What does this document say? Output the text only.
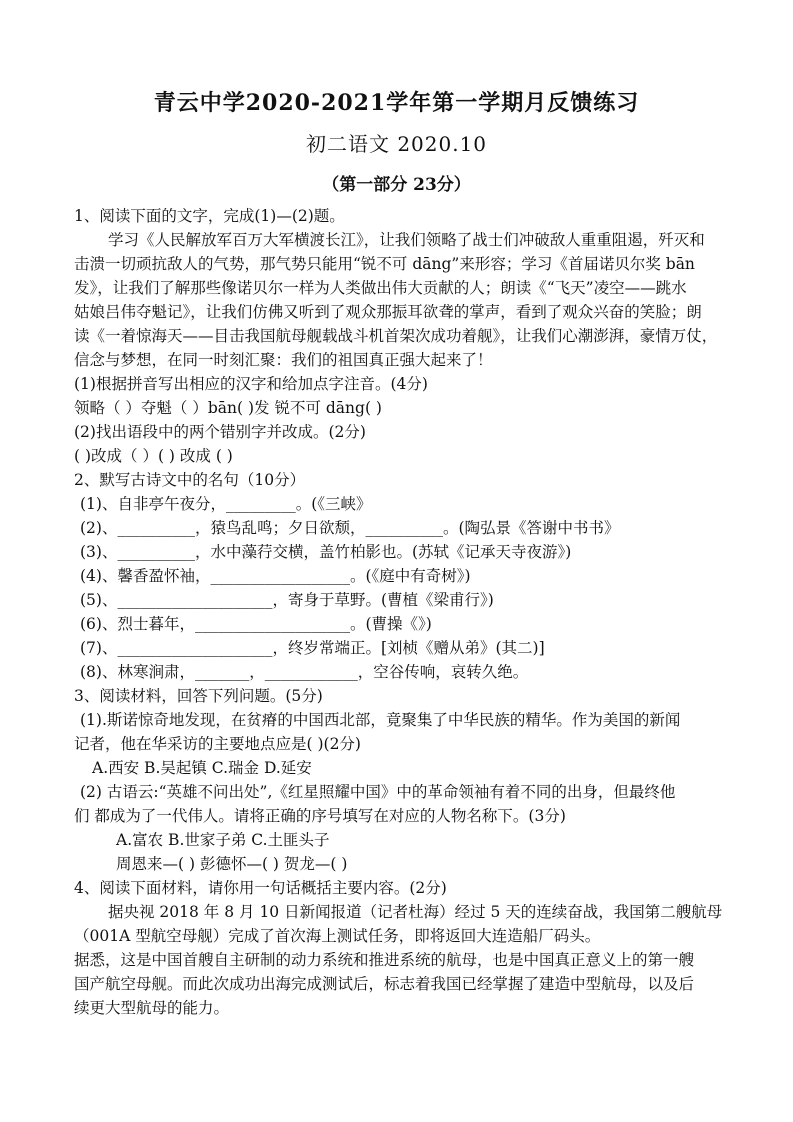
青云中学2020-2021学年第一学期月反馈练习
初二语文 2020.10
（第一部分 23分）
1、阅读下面的文字，完成(1)—(2)题。
学习《人民解放军百万大军横渡长江》，让我们领略了战士们冲破敌人重重阻遏，歼灭和
击溃一切顽抗敌人的气势，那气势只能用“锐不可 dāng”来形容；学习《首届诺贝尔奖 bān
发》，让我们了解那些像诺贝尔一样为人类做出伟大贡献的人；朗读《“飞天”凌空——跳水
姑娘吕伟夺魁记》，让我们仿佛又听到了观众那振耳欲聋的掌声，看到了观众兴奋的笑脸；朗
读《一着惊海天——目击我国航母舰载战斗机首架次成功着舰》，让我们心潮澎湃，豪情万仗，
信念与梦想，在同一时刻汇聚：我们的祖国真正强大起来了！
(1)根据拼音写出相应的汉字和给加点字注音。(4分)
领略（ ）夺魁（ ）bān( )发 锐不可 dāng( )
(2)找出语段中的两个错别字并改成。(2分)
( )改成（ ）( ) 改成 ( )
2、默写古诗文中的名句（10分）
(1)、自非亭午夜分，_________。(《三峡》
(2)、__________，猿鸟乱鸣；夕日欲颓，__________。(陶弘景《答谢中书书》
(3)、__________，水中藻荇交横，盖竹柏影也。(苏轼《记承天寺夜游》)
(4)、馨香盈怀袖，__________________。(《庭中有奇树》)
(5)、____________________，寄身于草野。(曹植《梁甫行》)
(6)、烈士暮年，____________________。(曹操《》)
(7)、____________________，终岁常端正。[刘桢《赠从弟》(其二)]
(8)、林寒涧肃，_______，____________，空谷传响，哀转久绝。
3、阅读材料，回答下列问题。(5分)
(1).斯诺惊奇地发现，在贫瘠的中国西北部，竟聚集了中华民族的精华。作为美国的新闻
记者，他在华采访的主要地点应是( )(2分)
A.西安 B.吴起镇 C.瑞金 D.延安
(2) 古语云:“英雄不问出处”,《红星照耀中国》中的革命领袖有着不同的出身，但最终他
们 都成为了一代伟人。请将正确的序号填写在对应的人物名称下。(3分)
A.富农 B.世家子弟 C.土匪头子
周恩来—( ) 彭德怀—( ) 贺龙—( )
4、阅读下面材料，请你用一句话概括主要内容。(2分)
据央视 2018 年 8 月 10 日新闻报道（记者杜海）经过 5 天的连续奋战，我国第二艘航母
（001A 型航空母舰）完成了首次海上测试任务，即将返回大连造船厂码头。
据悉，这是中国首艘自主研制的动力系统和推进系统的航母，也是中国真正意义上的第一艘
国产航空母舰。而此次成功出海完成测试后，标志着我国已经掌握了建造中型航母，以及后
续更大型航母的能力。
